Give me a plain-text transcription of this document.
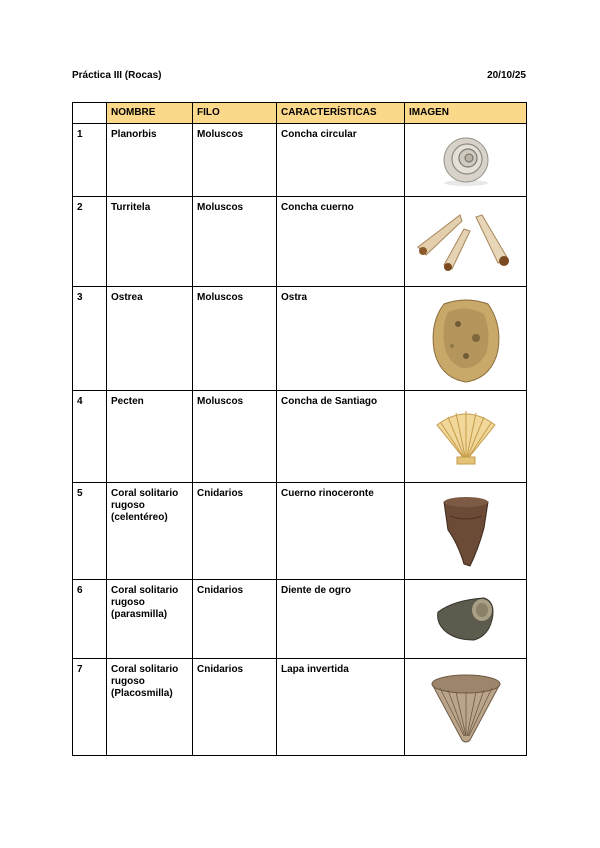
Práctica III (Rocas)	20/10/25
	NOMBRE	FILO	CARACTERÍSTICAS	IMAGEN
1	Planorbis	Moluscos	Concha circular	

2	Turritela	Moluscos	Concha cuerno	

3	Ostrea	Moluscos	Ostra	

4	Pecten	Moluscos	Concha de Santiago	

5	Coral solitario rugoso (celentéreo)	Cnidarios	Cuerno rinoceronte	

6	Coral solitario rugoso (parasmilla)	Cnidarios	Diente de ogro	

7	Coral solitario rugoso (Placosmilla)	Cnidarios	Lapa invertida	
